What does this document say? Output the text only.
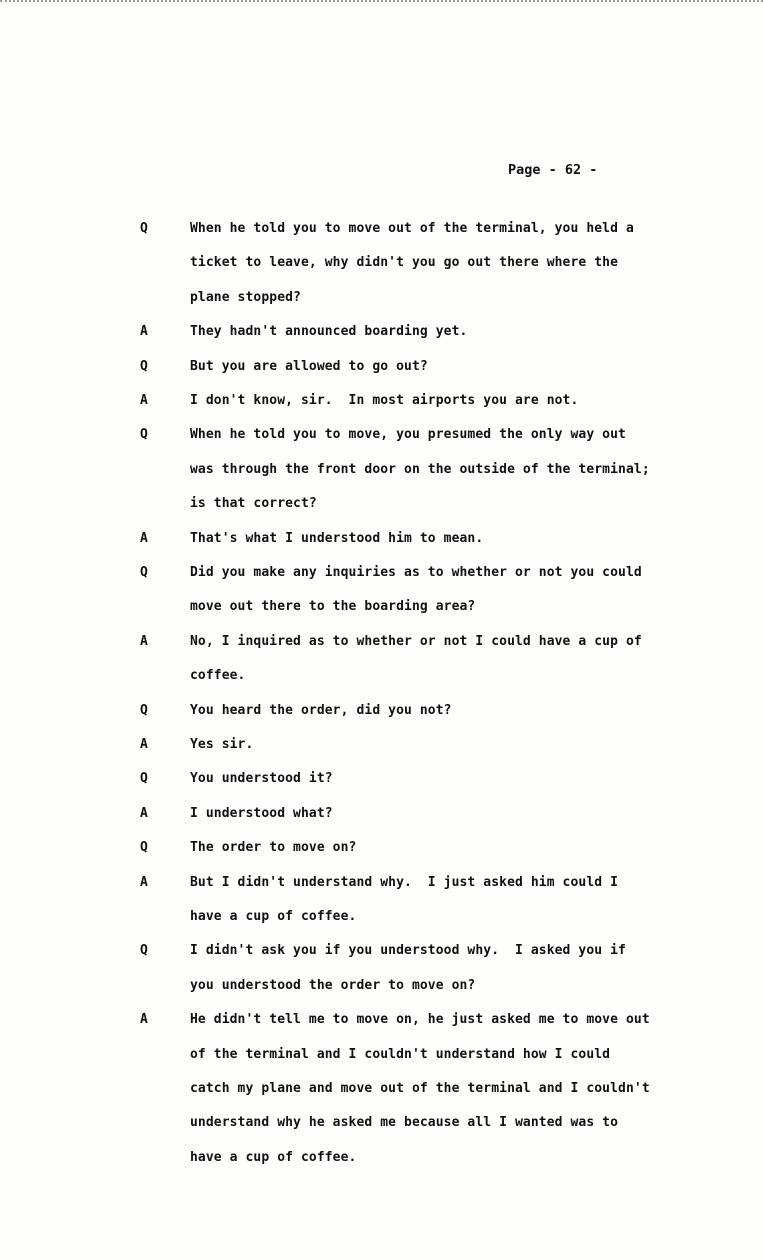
Page - 62 -
Q	When he told you to move out of the terminal, you held a
ticket to leave, why didn't you go out there where the
plane stopped?
A	They hadn't announced boarding yet.
Q	But you are allowed to go out?
A	I don't know, sir.  In most airports you are not.
Q	When he told you to move, you presumed the only way out
was through the front door on the outside of the terminal;
is that correct?
A	That's what I understood him to mean.
Q	Did you make any inquiries as to whether or not you could
move out there to the boarding area?
A	No, I inquired as to whether or not I could have a cup of
coffee.
Q	You heard the order, did you not?
A	Yes sir.
Q	You understood it?
A	I understood what?
Q	The order to move on?
A	But I didn't understand why.  I just asked him could I
have a cup of coffee.
Q	I didn't ask you if you understood why.  I asked you if
you understood the order to move on?
A	He didn't tell me to move on, he just asked me to move out
of the terminal and I couldn't understand how I could
catch my plane and move out of the terminal and I couldn't
understand why he asked me because all I wanted was to
have a cup of coffee.
